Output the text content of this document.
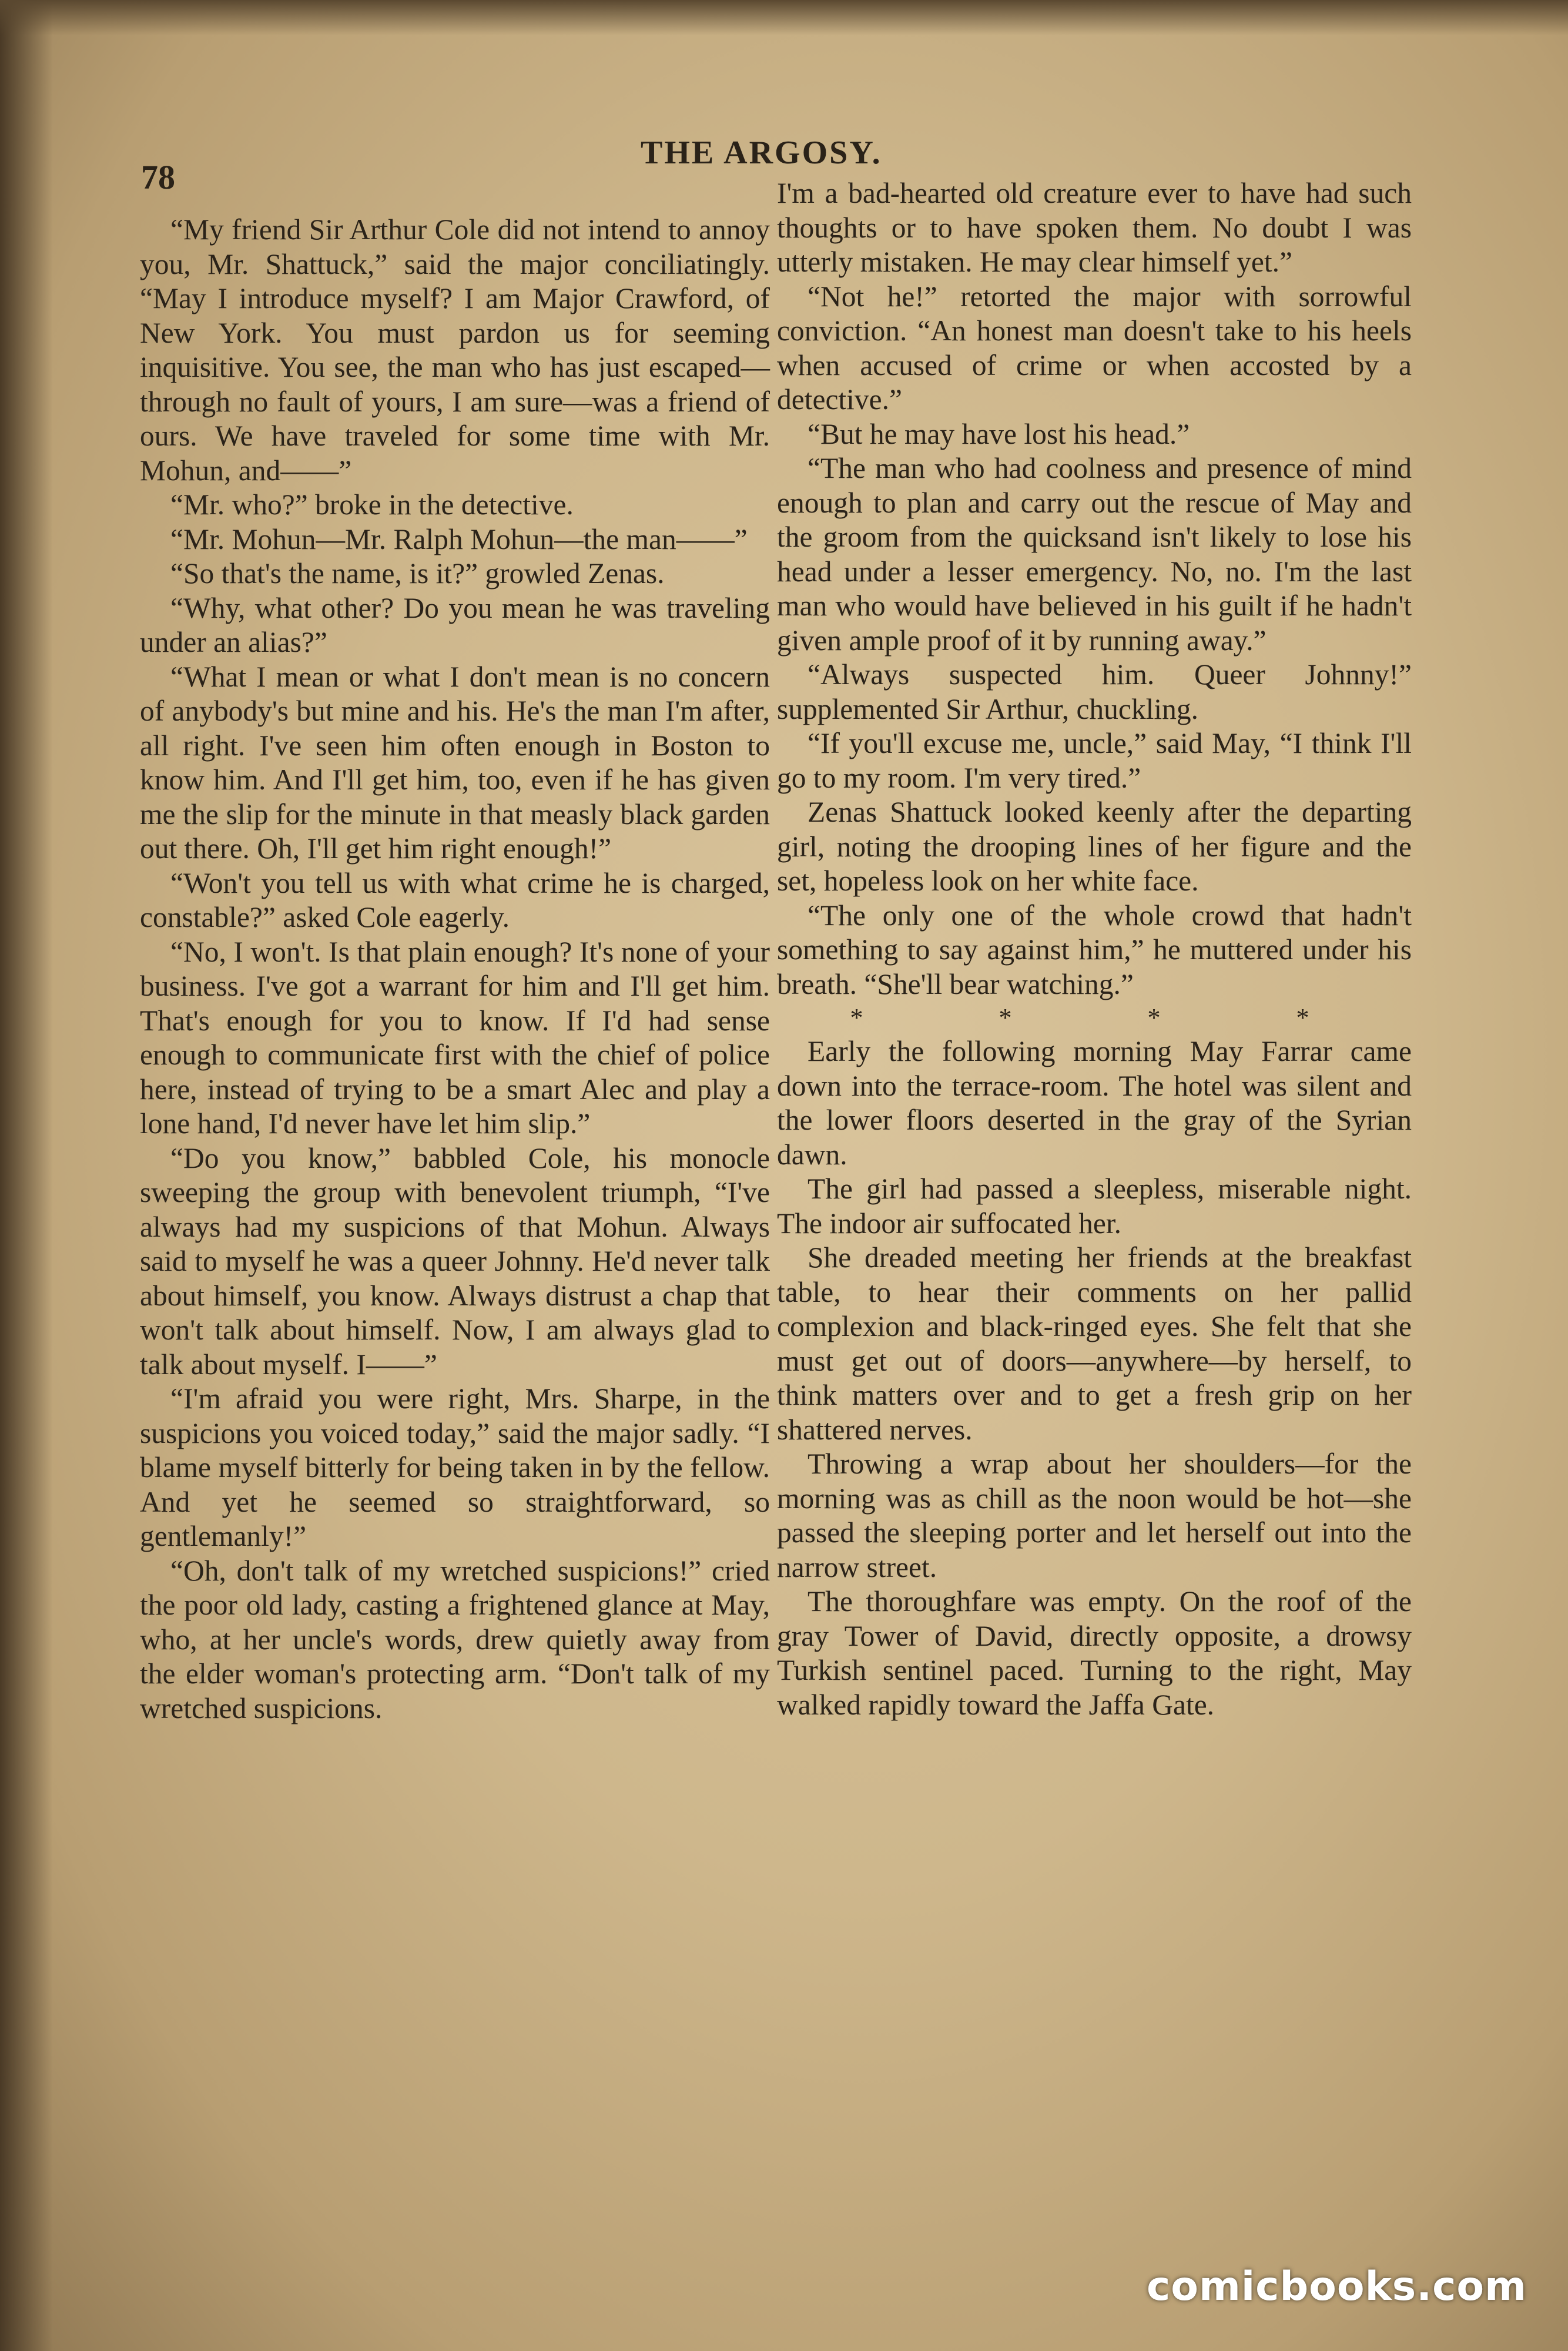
78
THE ARGOSY.

“My friend Sir Arthur Cole did not intend to annoy you, Mr. Shattuck,” said the major conciliatingly. “May I introduce myself? I am Major Crawford, of New York. You must pardon us for seeming inquisitive. You see, the man who has just escaped—through no fault of yours, I am sure—was a friend of ours. We have traveled for some time with Mr. Mohun, and——”

“Mr. who?” broke in the detective.

“Mr. Mohun—Mr. Ralph Mohun—the man——”

“So that's the name, is it?” growled Zenas.

“Why, what other? Do you mean he was traveling under an alias?”

“What I mean or what I don't mean is no concern of anybody's but mine and his. He's the man I'm after, all right. I've seen him often enough in Boston to know him. And I'll get him, too, even if he has given me the slip for the minute in that measly black garden out there. Oh, I'll get him right enough!”

“Won't you tell us with what crime he is charged, constable?” asked Cole eagerly.

“No, I won't. Is that plain enough? It's none of your business. I've got a warrant for him and I'll get him. That's enough for you to know. If I'd had sense enough to communicate first with the chief of police here, instead of trying to be a smart Alec and play a lone hand, I'd never have let him slip.”

“Do you know,” babbled Cole, his monocle sweeping the group with benevolent triumph, “I've always had my suspicions of that Mohun. Always said to myself he was a queer Johnny. He'd never talk about himself, you know. Always distrust a chap that won't talk about himself. Now, I am always glad to talk about myself. I——”

“I'm afraid you were right, Mrs. Sharpe, in the suspicions you voiced today,” said the major sadly. “I blame myself bitterly for being taken in by the fellow. And yet he seemed so straightforward, so gentlemanly!”

“Oh, don't talk of my wretched suspicions!” cried the poor old lady, casting a frightened glance at May, who, at her uncle's words, drew quietly away from the elder woman's protecting arm. “Don't talk of my wretched suspicions.

I'm a bad-hearted old creature ever to have had such thoughts or to have spoken them. No doubt I was utterly mistaken. He may clear himself yet.”

“Not he!” retorted the major with sorrowful conviction. “An honest man doesn't take to his heels when accused of crime or when accosted by a detective.”

“But he may have lost his head.”

“The man who had coolness and presence of mind enough to plan and carry out the rescue of May and the groom from the quicksand isn't likely to lose his head under a lesser emergency. No, no. I'm the last man who would have believed in his guilt if he hadn't given ample proof of it by running away.”

“Always suspected him. Queer Johnny!” supplemented Sir Arthur, chuckling.

“If you'll excuse me, uncle,” said May, “I think I'll go to my room. I'm very tired.”

Zenas Shattuck looked keenly after the departing girl, noting the drooping lines of her figure and the set, hopeless look on her white face.

“The only one of the whole crowd that hadn't something to say against him,” he muttered under his breath. “She'll bear watching.”

* * * *

Early the following morning May Farrar came down into the terrace-room. The hotel was silent and the lower floors deserted in the gray of the Syrian dawn.

The girl had passed a sleepless, miserable night. The indoor air suffocated her.

She dreaded meeting her friends at the breakfast table, to hear their comments on her pallid complexion and black-ringed eyes. She felt that she must get out of doors—anywhere—by herself, to think matters over and to get a fresh grip on her shattered nerves.

Throwing a wrap about her shoulders—for the morning was as chill as the noon would be hot—she passed the sleeping porter and let herself out into the narrow street.

The thoroughfare was empty. On the roof of the gray Tower of David, directly opposite, a drowsy Turkish sentinel paced. Turning to the right, May walked rapidly toward the Jaffa Gate.

comicbooks.com
